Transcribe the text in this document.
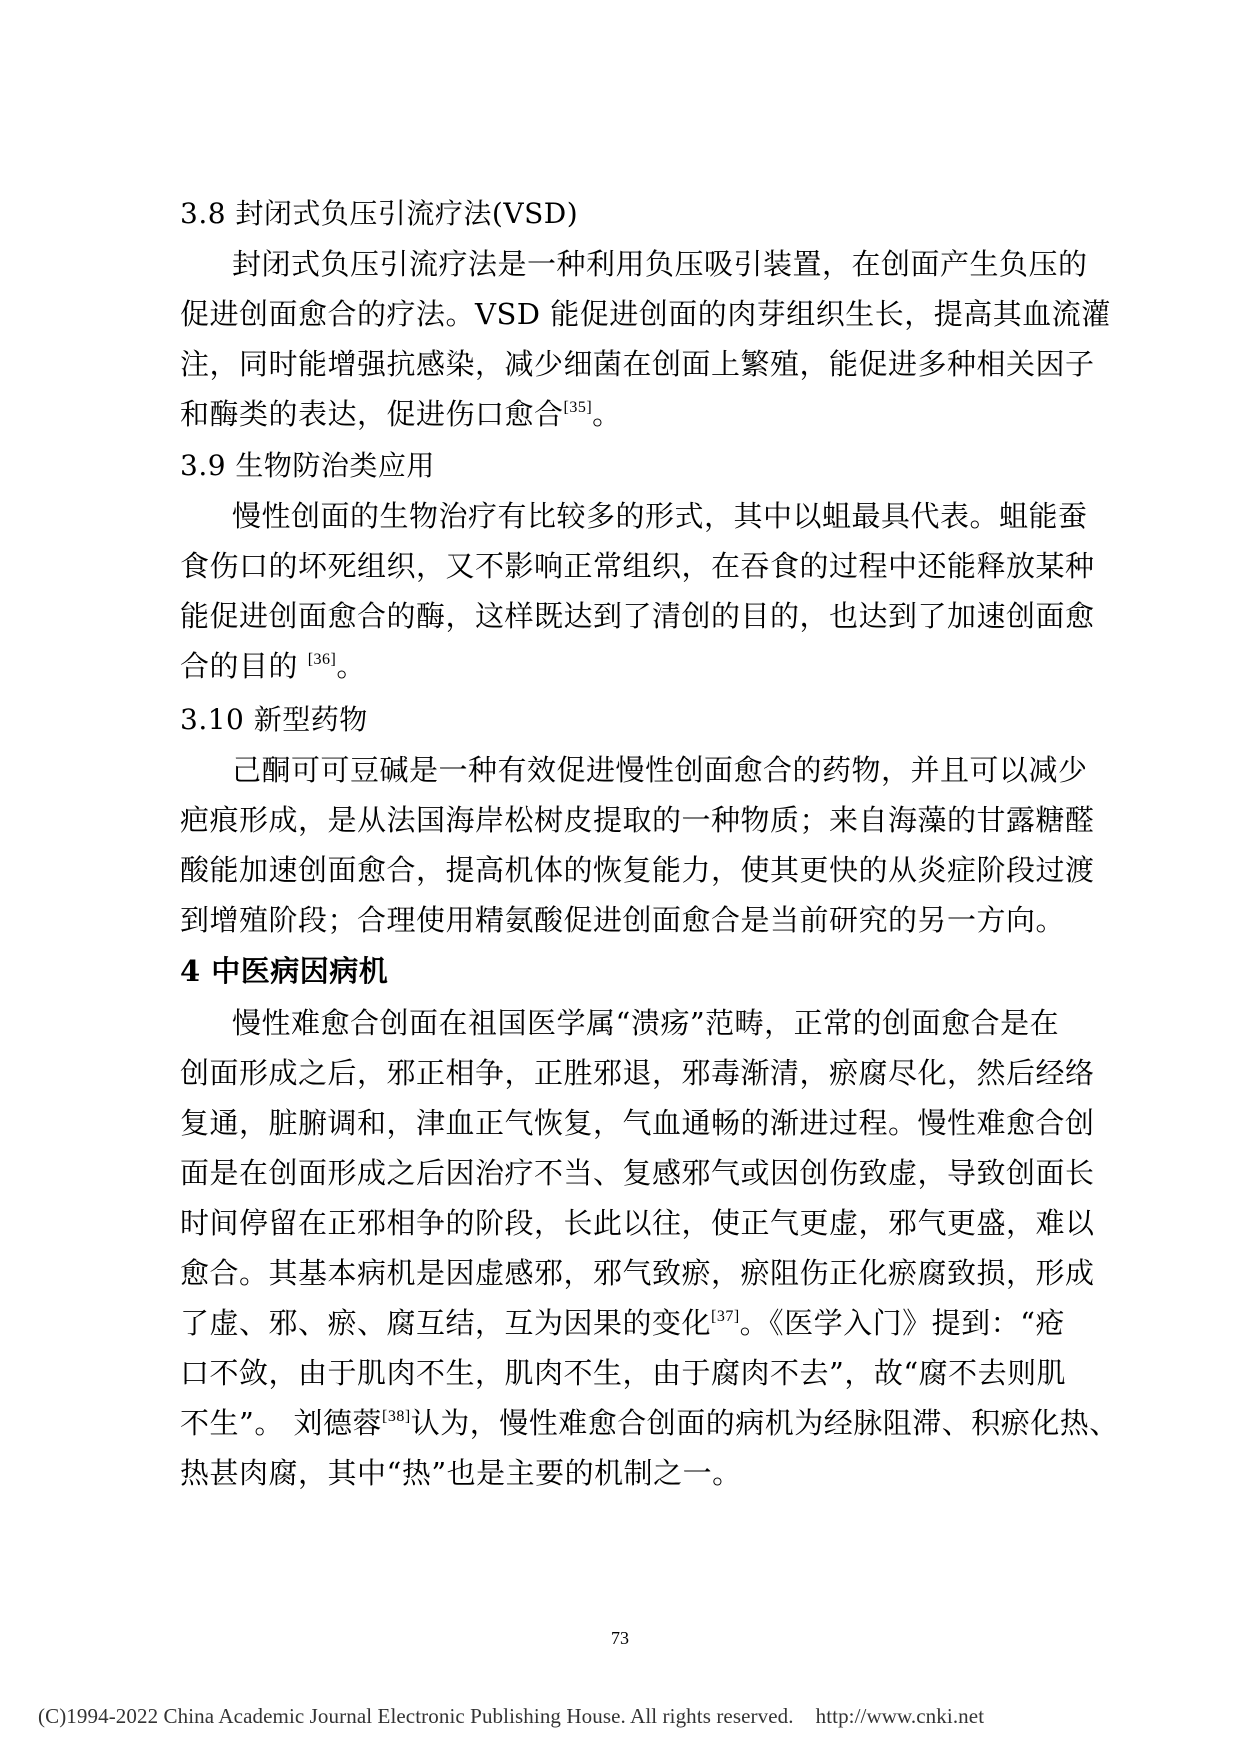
3.8 封闭式负压引流疗法(VSD)
封闭式负压引流疗法是一种利用负压吸引装置，在创面产生负压的
促进创面愈合的疗法。VSD 能促进创面的肉芽组织生长，提高其血流灌
注，同时能增强抗感染，减少细菌在创面上繁殖，能促进多种相关因子
和酶类的表达，促进伤口愈合[35]。
3.9 生物防治类应用
慢性创面的生物治疗有比较多的形式，其中以蛆最具代表。蛆能蚕
食伤口的坏死组织，又不影响正常组织，在吞食的过程中还能释放某种
能促进创面愈合的酶，这样既达到了清创的目的，也达到了加速创面愈
合的目的 [36]。
3.10 新型药物
己酮可可豆碱是一种有效促进慢性创面愈合的药物，并且可以减少
疤痕形成，是从法国海岸松树皮提取的一种物质；来自海藻的甘露糖醛
酸能加速创面愈合，提高机体的恢复能力，使其更快的从炎症阶段过渡
到增殖阶段；合理使用精氨酸促进创面愈合是当前研究的另一方向。
4 中医病因病机
慢性难愈合创面在祖国医学属“溃疡”范畴，正常的创面愈合是在
创面形成之后，邪正相争，正胜邪退，邪毒渐清，瘀腐尽化，然后经络
复通，脏腑调和，津血正气恢复，气血通畅的渐进过程。慢性难愈合创
面是在创面形成之后因治疗不当、复感邪气或因创伤致虚，导致创面长
时间停留在正邪相争的阶段，长此以往，使正气更虚，邪气更盛，难以
愈合。其基本病机是因虚感邪，邪气致瘀，瘀阻伤正化瘀腐致损，形成
了虚、邪、瘀、腐互结，互为因果的变化[37]。《医学入门》提到：“疮
口不敛，由于肌肉不生，肌肉不生，由于腐肉不去”，故“腐不去则肌
不生”。 刘德蓉[38]认为，慢性难愈合创面的病机为经脉阻滞、积瘀化热、
热甚肉腐，其中“热”也是主要的机制之一。
73
(C)1994-2022 China Academic Journal Electronic Publishing House. All rights reserved. http://www.cnki.net
